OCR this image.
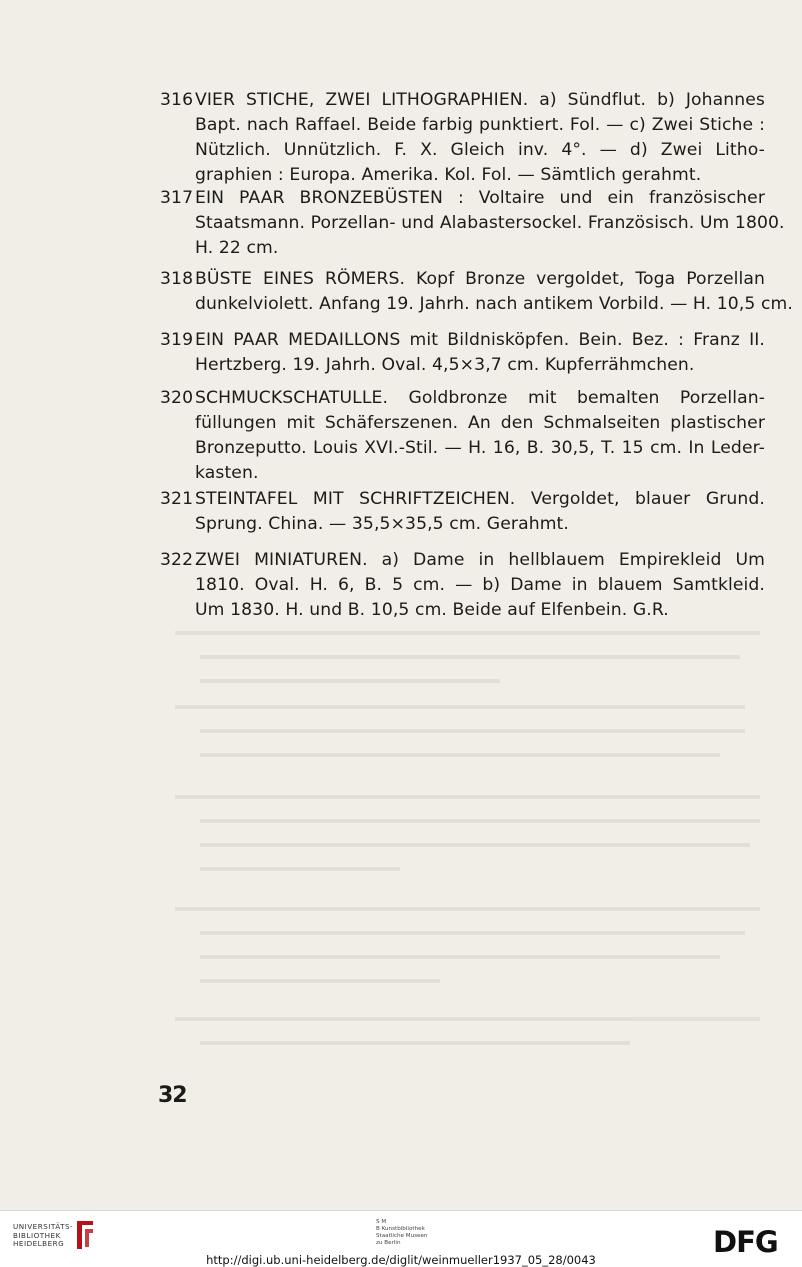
316 VIER STICHE, ZWEI LITHOGRAPHIEN. a) Sündflut. b) Johannes
Bapt. nach Raffael. Beide farbig punktiert. Fol. — c) Zwei Stiche :
Nützlich. Unnützlich. F. X. Gleich inv. 4°. — d) Zwei Litho-
graphien : Europa. Amerika. Kol. Fol. — Sämtlich gerahmt.
317 EIN PAAR BRONZEBÜSTEN : Voltaire und ein französischer
Staatsmann. Porzellan- und Alabastersockel. Französisch. Um 1800.
H. 22 cm.
318 BÜSTE EINES RÖMERS. Kopf Bronze vergoldet, Toga Porzellan
dunkelviolett. Anfang 19. Jahrh. nach antikem Vorbild. — H. 10,5 cm.
319 EIN PAAR MEDAILLONS mit Bildnisköpfen. Bein. Bez. : Franz II.
Hertzberg. 19. Jahrh. Oval. 4,5×3,7 cm. Kupferrähmchen.
320 SCHMUCKSCHATULLE. Goldbronze mit bemalten Porzellan-
füllungen mit Schäferszenen. An den Schmalseiten plastischer
Bronzeputto. Louis XVI.-Stil. — H. 16, B. 30,5, T. 15 cm. In Leder-
kasten.
321 STEINTAFEL MIT SCHRIFTZEICHEN. Vergoldet, blauer Grund.
Sprung. China. — 35,5×35,5 cm. Gerahmt.
322 ZWEI MINIATUREN. a) Dame in hellblauem Empirekleid Um
1810. Oval. H. 6, B. 5 cm. — b) Dame in blauem Samtkleid.
Um 1830. H. und B. 10,5 cm. Beide auf Elfenbein. G.R.
32
UNIVERSITÄTS-
BIBLIOTHEK
HEIDELBERG
S M
B Kunstbibliothek
Staatliche Museen
zu Berlin	DFG
http://digi.ub.uni-heidelberg.de/diglit/weinmueller1937_05_28/0043
